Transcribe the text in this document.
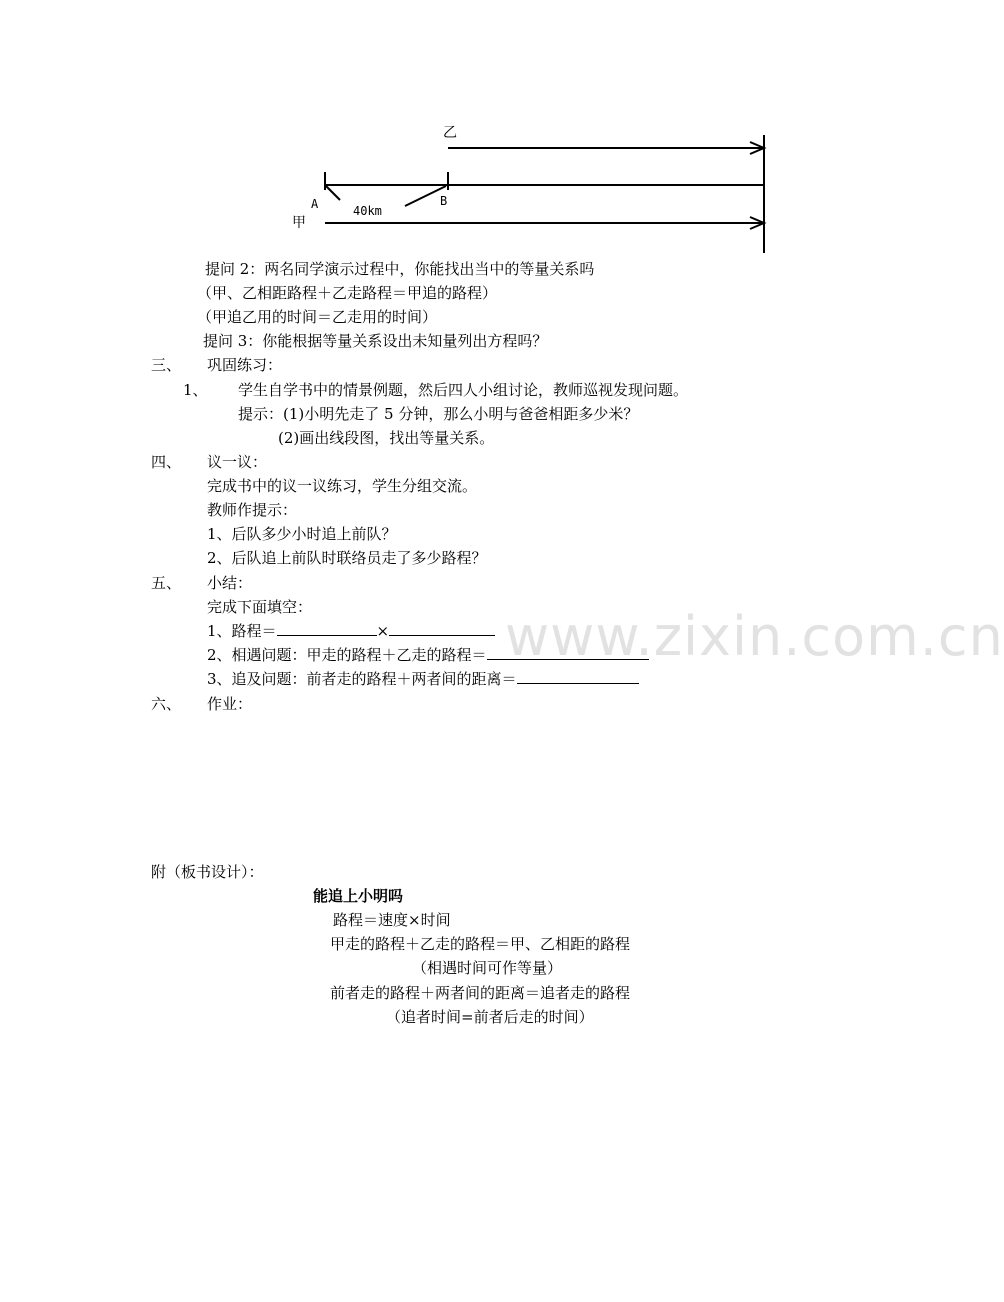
乙
甲
A	B
40km
提问 2：两名同学演示过程中，你能找出当中的等量关系吗
（甲、乙相距路程＋乙走路程＝甲追的路程）
（甲追乙用的时间＝乙走用的时间）
提问 3：你能根据等量关系设出未知量列出方程吗？
三、 巩固练习：
1、 学生自学书中的情景例题，然后四人小组讨论，教师巡视发现问题。
提示：(1)小明先走了 5 分钟，那么小明与爸爸相距多少米？
(2)画出线段图，找出等量关系。
四、 议一议：
完成书中的议一议练习，学生分组交流。
教师作提示：
1、后队多少小时追上前队？
2、后队追上前队时联络员走了多少路程？
五、 小结：
完成下面填空：
1、路程＝	×
2、相遇问题：甲走的路程＋乙走的路程＝
3、追及问题：前者走的路程＋两者间的距离＝
六、 作业：
附（板书设计）：
能追上小明吗
路程＝速度×时间
甲走的路程＋乙走的路程＝甲、乙相距的路程
（相遇时间可作等量）
前者走的路程＋两者间的距离＝追者走的路程
（追者时间=前者后走的时间）
www.zixin.com.cn
